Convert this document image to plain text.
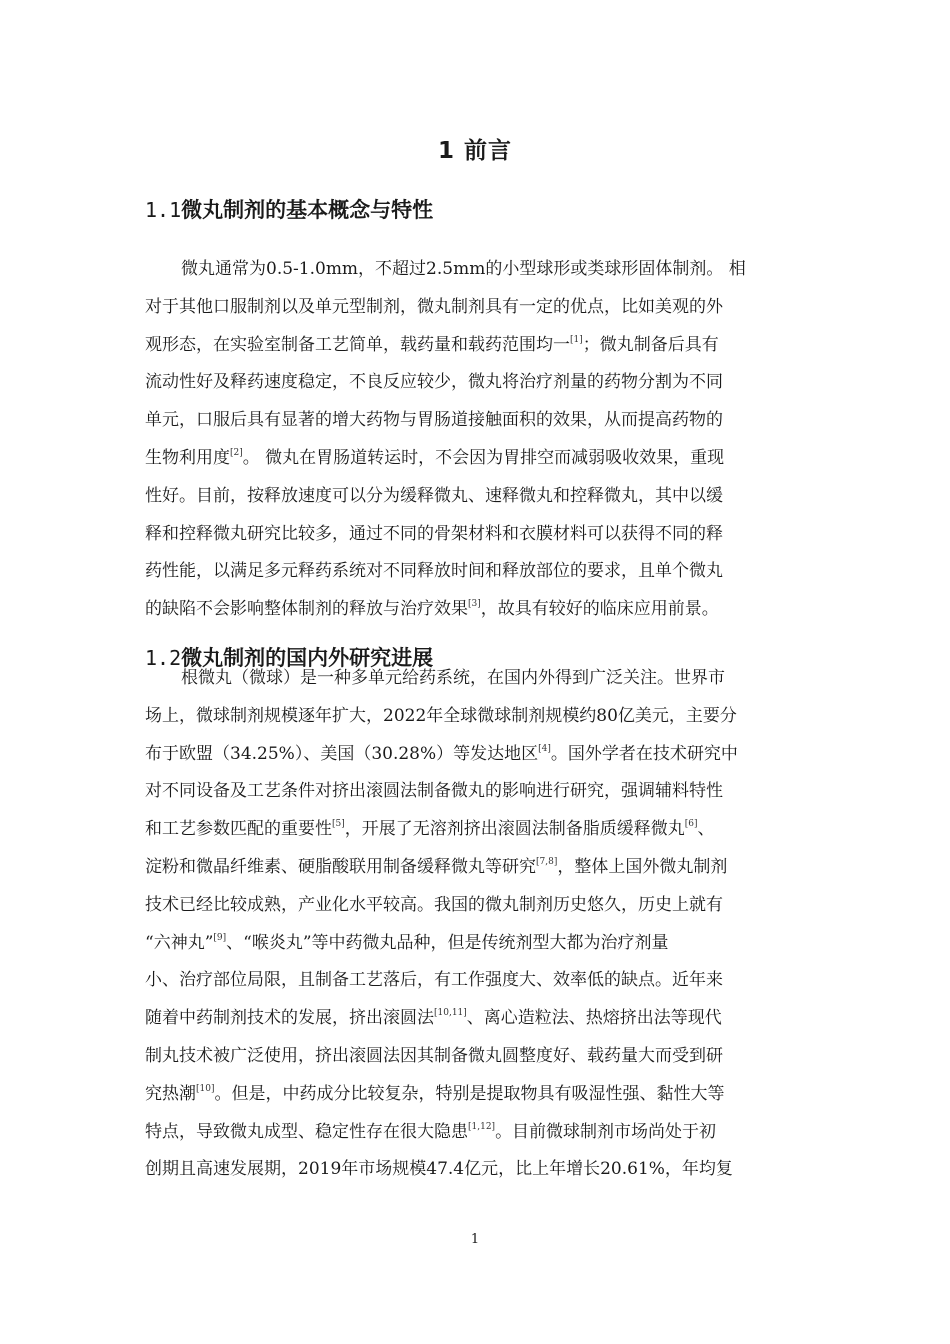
1 前言
1.1微丸制剂的基本概念与特性
微丸通常为0.5-1.0mm，不超过2.5mm的小型球形或类球形固体制剂。 相
对于其他口服制剂以及单元型制剂，微丸制剂具有一定的优点，比如美观的外
观形态，在实验室制备工艺简单，载药量和载药范围均一[1]；微丸制备后具有
流动性好及释药速度稳定，不良反应较少，微丸将治疗剂量的药物分割为不同
单元，口服后具有显著的增大药物与胃肠道接触面积的效果，从而提高药物的
生物利用度[2]。 微丸在胃肠道转运时，不会因为胃排空而减弱吸收效果，重现
性好。目前，按释放速度可以分为缓释微丸、速释微丸和控释微丸，其中以缓
释和控释微丸研究比较多，通过不同的骨架材料和衣膜材料可以获得不同的释
药性能，以满足多元释药系统对不同释放时间和释放部位的要求，且单个微丸
的缺陷不会影响整体制剂的释放与治疗效果[3]，故具有较好的临床应用前景。
1.2微丸制剂的国内外研究进展
根微丸（微球）是一种多单元给药系统，在国内外得到广泛关注。世界市
场上，微球制剂规模逐年扩大，2022年全球微球制剂规模约80亿美元，主要分
布于欧盟（34.25%）、美国（30.28%）等发达地区[4]。国外学者在技术研究中
对不同设备及工艺条件对挤出滚圆法制备微丸的影响进行研究，强调辅料特性
和工艺参数匹配的重要性[5]，开展了无溶剂挤出滚圆法制备脂质缓释微丸[6]、
淀粉和微晶纤维素、硬脂酸联用制备缓释微丸等研究[7,8]，整体上国外微丸制剂
技术已经比较成熟，产业化水平较高。我国的微丸制剂历史悠久，历史上就有
“六神丸”[9]、“喉炎丸”等中药微丸品种，但是传统剂型大都为治疗剂量
小、治疗部位局限，且制备工艺落后，有工作强度大、效率低的缺点。近年来
随着中药制剂技术的发展，挤出滚圆法[10,11]、离心造粒法、热熔挤出法等现代
制丸技术被广泛使用，挤出滚圆法因其制备微丸圆整度好、载药量大而受到研
究热潮[10]。但是，中药成分比较复杂，特别是提取物具有吸湿性强、黏性大等
特点，导致微丸成型、稳定性存在很大隐患[1,12]。目前微球制剂市场尚处于初
创期且高速发展期，2019年市场规模47.4亿元，比上年增长20.61%，年均复

1
